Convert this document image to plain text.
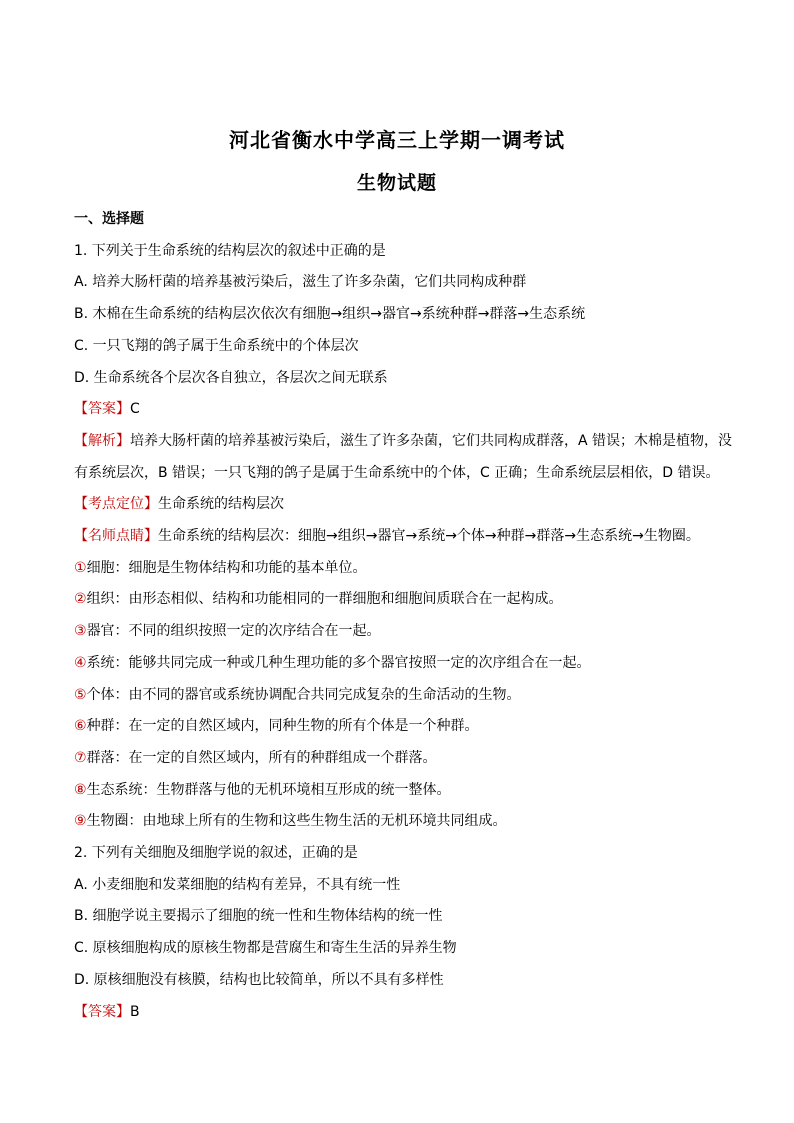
河北省衡水中学高三上学期一调考试
生物试题
一、选择题
1. 下列关于生命系统的结构层次的叙述中正确的是
A. 培养大肠杆菌的培养基被污染后，滋生了许多杂菌，它们共同构成种群
B. 木棉在生命系统的结构层次依次有细胞→组织→器官→系统种群→群落→生态系统
C. 一只飞翔的鸽子属于生命系统中的个体层次
D. 生命系统各个层次各自独立，各层次之间无联系
【答案】C
【解析】培养大肠杆菌的培养基被污染后，滋生了许多杂菌，它们共同构成群落，A 错误；木棉是植物，没有系统层次，B 错误；一只飞翔的鸽子是属于生命系统中的个体，C 正确；生命系统层层相依，D 错误。
【考点定位】生命系统的结构层次
【名师点睛】生命系统的结构层次：细胞→组织→器官→系统→个体→种群→群落→生态系统→生物圈。
①细胞：细胞是生物体结构和功能的基本单位。
②组织：由形态相似、结构和功能相同的一群细胞和细胞间质联合在一起构成。
③器官：不同的组织按照一定的次序结合在一起。
④系统：能够共同完成一种或几种生理功能的多个器官按照一定的次序组合在一起。
⑤个体：由不同的器官或系统协调配合共同完成复杂的生命活动的生物。
⑥种群：在一定的自然区域内，同种生物的所有个体是一个种群。
⑦群落：在一定的自然区域内，所有的种群组成一个群落。
⑧生态系统：生物群落与他的无机环境相互形成的统一整体。
⑨生物圈：由地球上所有的生物和这些生物生活的无机环境共同组成。
2. 下列有关细胞及细胞学说的叙述，正确的是
A. 小麦细胞和发菜细胞的结构有差异，不具有统一性
B. 细胞学说主要揭示了细胞的统一性和生物体结构的统一性
C. 原核细胞构成的原核生物都是营腐生和寄生生活的异养生物
D. 原核细胞没有核膜，结构也比较简单，所以不具有多样性
【答案】B
